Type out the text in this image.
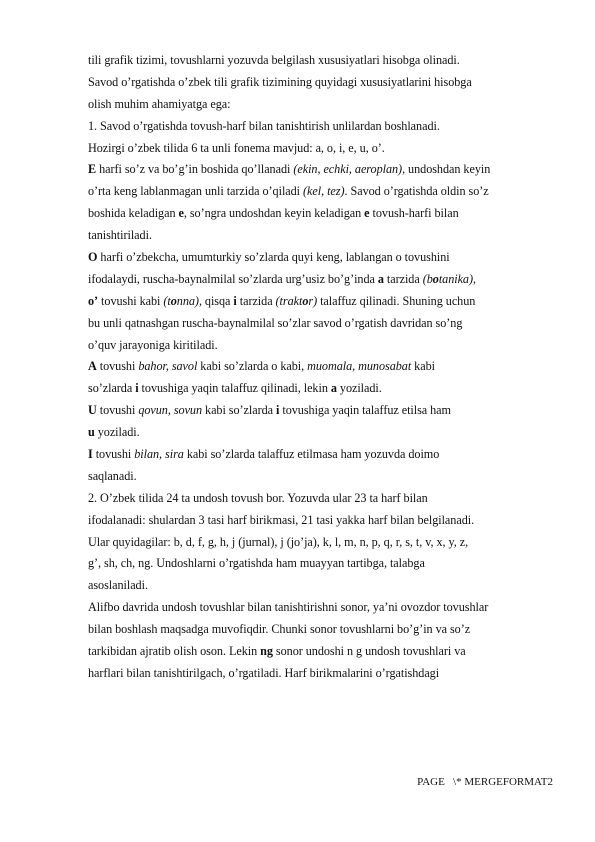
tili grafik tizimi, tovushlarni yozuvda belgilash xususiyatlari hisobga olinadi.
Savod o’rgatishda o’zbek tili grafik tizimining quyidagi xususiyatlarini hisobga
olish muhim ahamiyatga ega:
1. Savod o’rgatishda tovush-harf bilan tanishtirish unlilardan boshlanadi.
Hozirgi o’zbek tilida 6 ta unli fonema mavjud: a, o, i, e, u, o’.
E harfi so’z va bo’g’in boshida qo’llanadi (ekin, echki, aeroplan), undoshdan keyin
o’rta keng lablanmagan unli tarzida o’qiladi (kel, tez). Savod o’rgatishda oldin so’z
boshida keladigan e, so’ngra undoshdan keyin keladigan e tovush-harfi bilan
tanishtiriladi.
O harfi o’zbekcha, umumturkiy so’zlarda quyi keng, lablangan o tovushini
ifodalaydi, ruscha-baynalmilal so’zlarda urg’usiz bo’g’inda a tarzida (botanika),
o’ tovushi kabi (tonna), qisqa i tarzida (traktor) talaffuz qilinadi. Shuning uchun
bu unli qatnashgan ruscha-baynalmilal so’zlar savod o’rgatish davridan so’ng
o’quv jarayoniga kiritiladi.
A tovushi bahor, savol kabi so’zlarda o kabi, muomala, munosabat kabi
so’zlarda i tovushiga yaqin talaffuz qilinadi, lekin a yoziladi.
U tovushi qovun, sovun kabi so’zlarda i tovushiga yaqin talaffuz etilsa ham
u yoziladi.
I tovushi bilan, sira kabi so’zlarda talaffuz etilmasa ham yozuvda doimo
saqlanadi.
2. O’zbek tilida 24 ta undosh tovush bor. Yozuvda ular 23 ta harf bilan
ifodalanadi: shulardan 3 tasi harf birikmasi, 21 tasi yakka harf bilan belgilanadi.
Ular quyidagilar: b, d, f, g, h, j (jurnal), j (jo’ja), k, l, m, n, p, q, r, s, t, v, x, y, z,
g’, sh, ch, ng. Undoshlarni o’rgatishda ham muayyan tartibga, talabga
asoslaniladi.
Alifbo davrida undosh tovushlar bilan tanishtirishni sonor, ya’ni ovozdor tovushlar
bilan boshlash maqsadga muvofiqdir. Chunki sonor tovushlarni bo’g’in va so’z
tarkibidan ajratib olish oson. Lekin ng sonor undoshi n g undosh tovushlari va
harflari bilan tanishtirilgach, o’rgatiladi. Harf birikmalarini o’rgatishdagi
PAGE   \* MERGEFORMAT2
